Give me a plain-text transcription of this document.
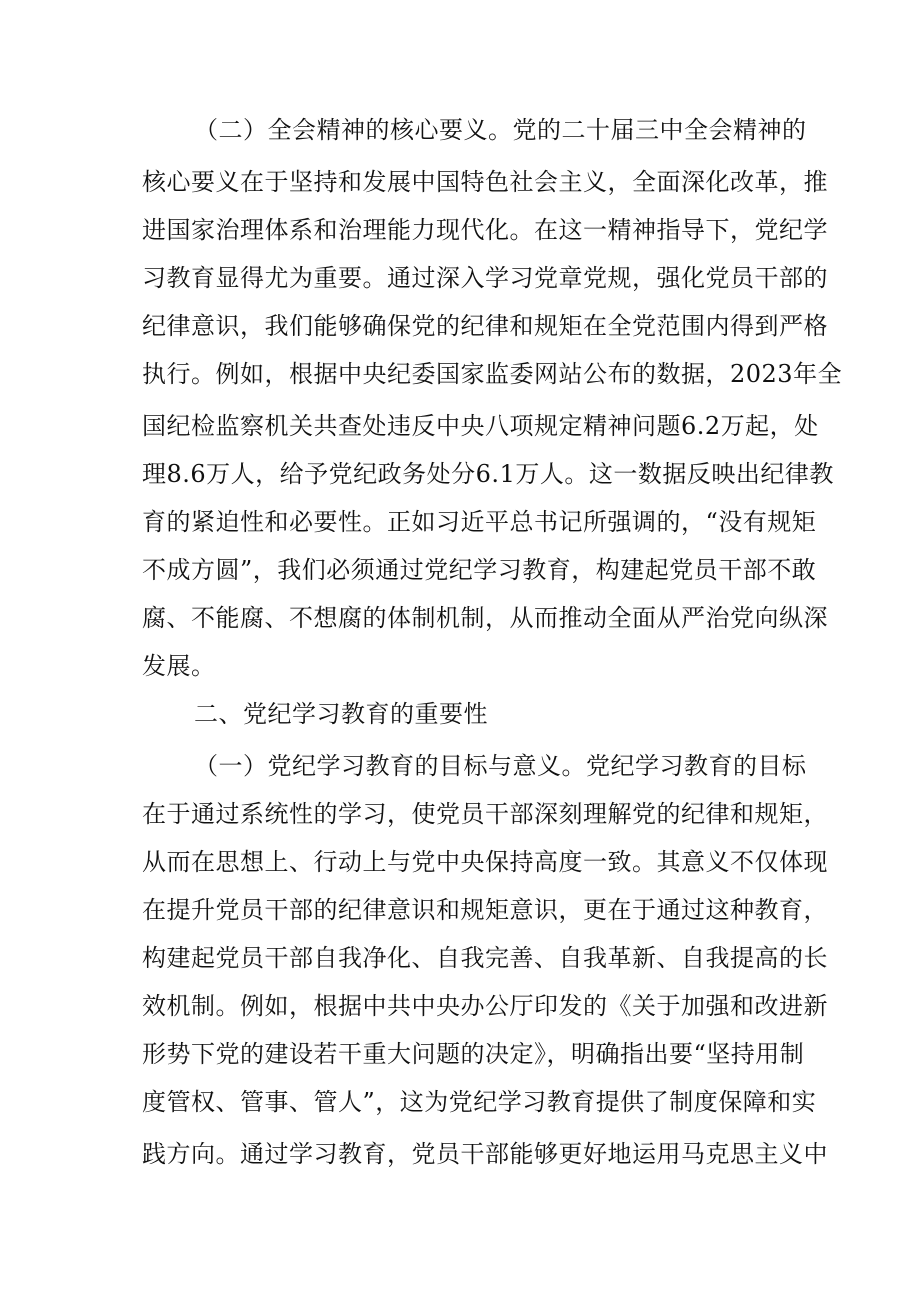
（二）全会精神的核心要义。党的二十届三中全会精神的
核心要义在于坚持和发展中国特色社会主义，全面深化改革，推
进国家治理体系和治理能力现代化。在这一精神指导下，党纪学
习教育显得尤为重要。通过深入学习党章党规，强化党员干部的
纪律意识，我们能够确保党的纪律和规矩在全党范围内得到严格
执行。例如，根据中央纪委国家监委网站公布的数据，2023年全
国纪检监察机关共查处违反中央八项规定精神问题6.2万起，处
理8.6万人，给予党纪政务处分6.1万人。这一数据反映出纪律教
育的紧迫性和必要性。正如习近平总书记所强调的，“没有规矩
不成方圆”，我们必须通过党纪学习教育，构建起党员干部不敢
腐、不能腐、不想腐的体制机制，从而推动全面从严治党向纵深
发展。
二、党纪学习教育的重要性
（一）党纪学习教育的目标与意义。党纪学习教育的目标
在于通过系统性的学习，使党员干部深刻理解党的纪律和规矩，
从而在思想上、行动上与党中央保持高度一致。其意义不仅体现
在提升党员干部的纪律意识和规矩意识，更在于通过这种教育，
构建起党员干部自我净化、自我完善、自我革新、自我提高的长
效机制。例如，根据中共中央办公厅印发的《关于加强和改进新
形势下党的建设若干重大问题的决定》，明确指出要“坚持用制
度管权、管事、管人”，这为党纪学习教育提供了制度保障和实
践方向。通过学习教育，党员干部能够更好地运用马克思主义中
